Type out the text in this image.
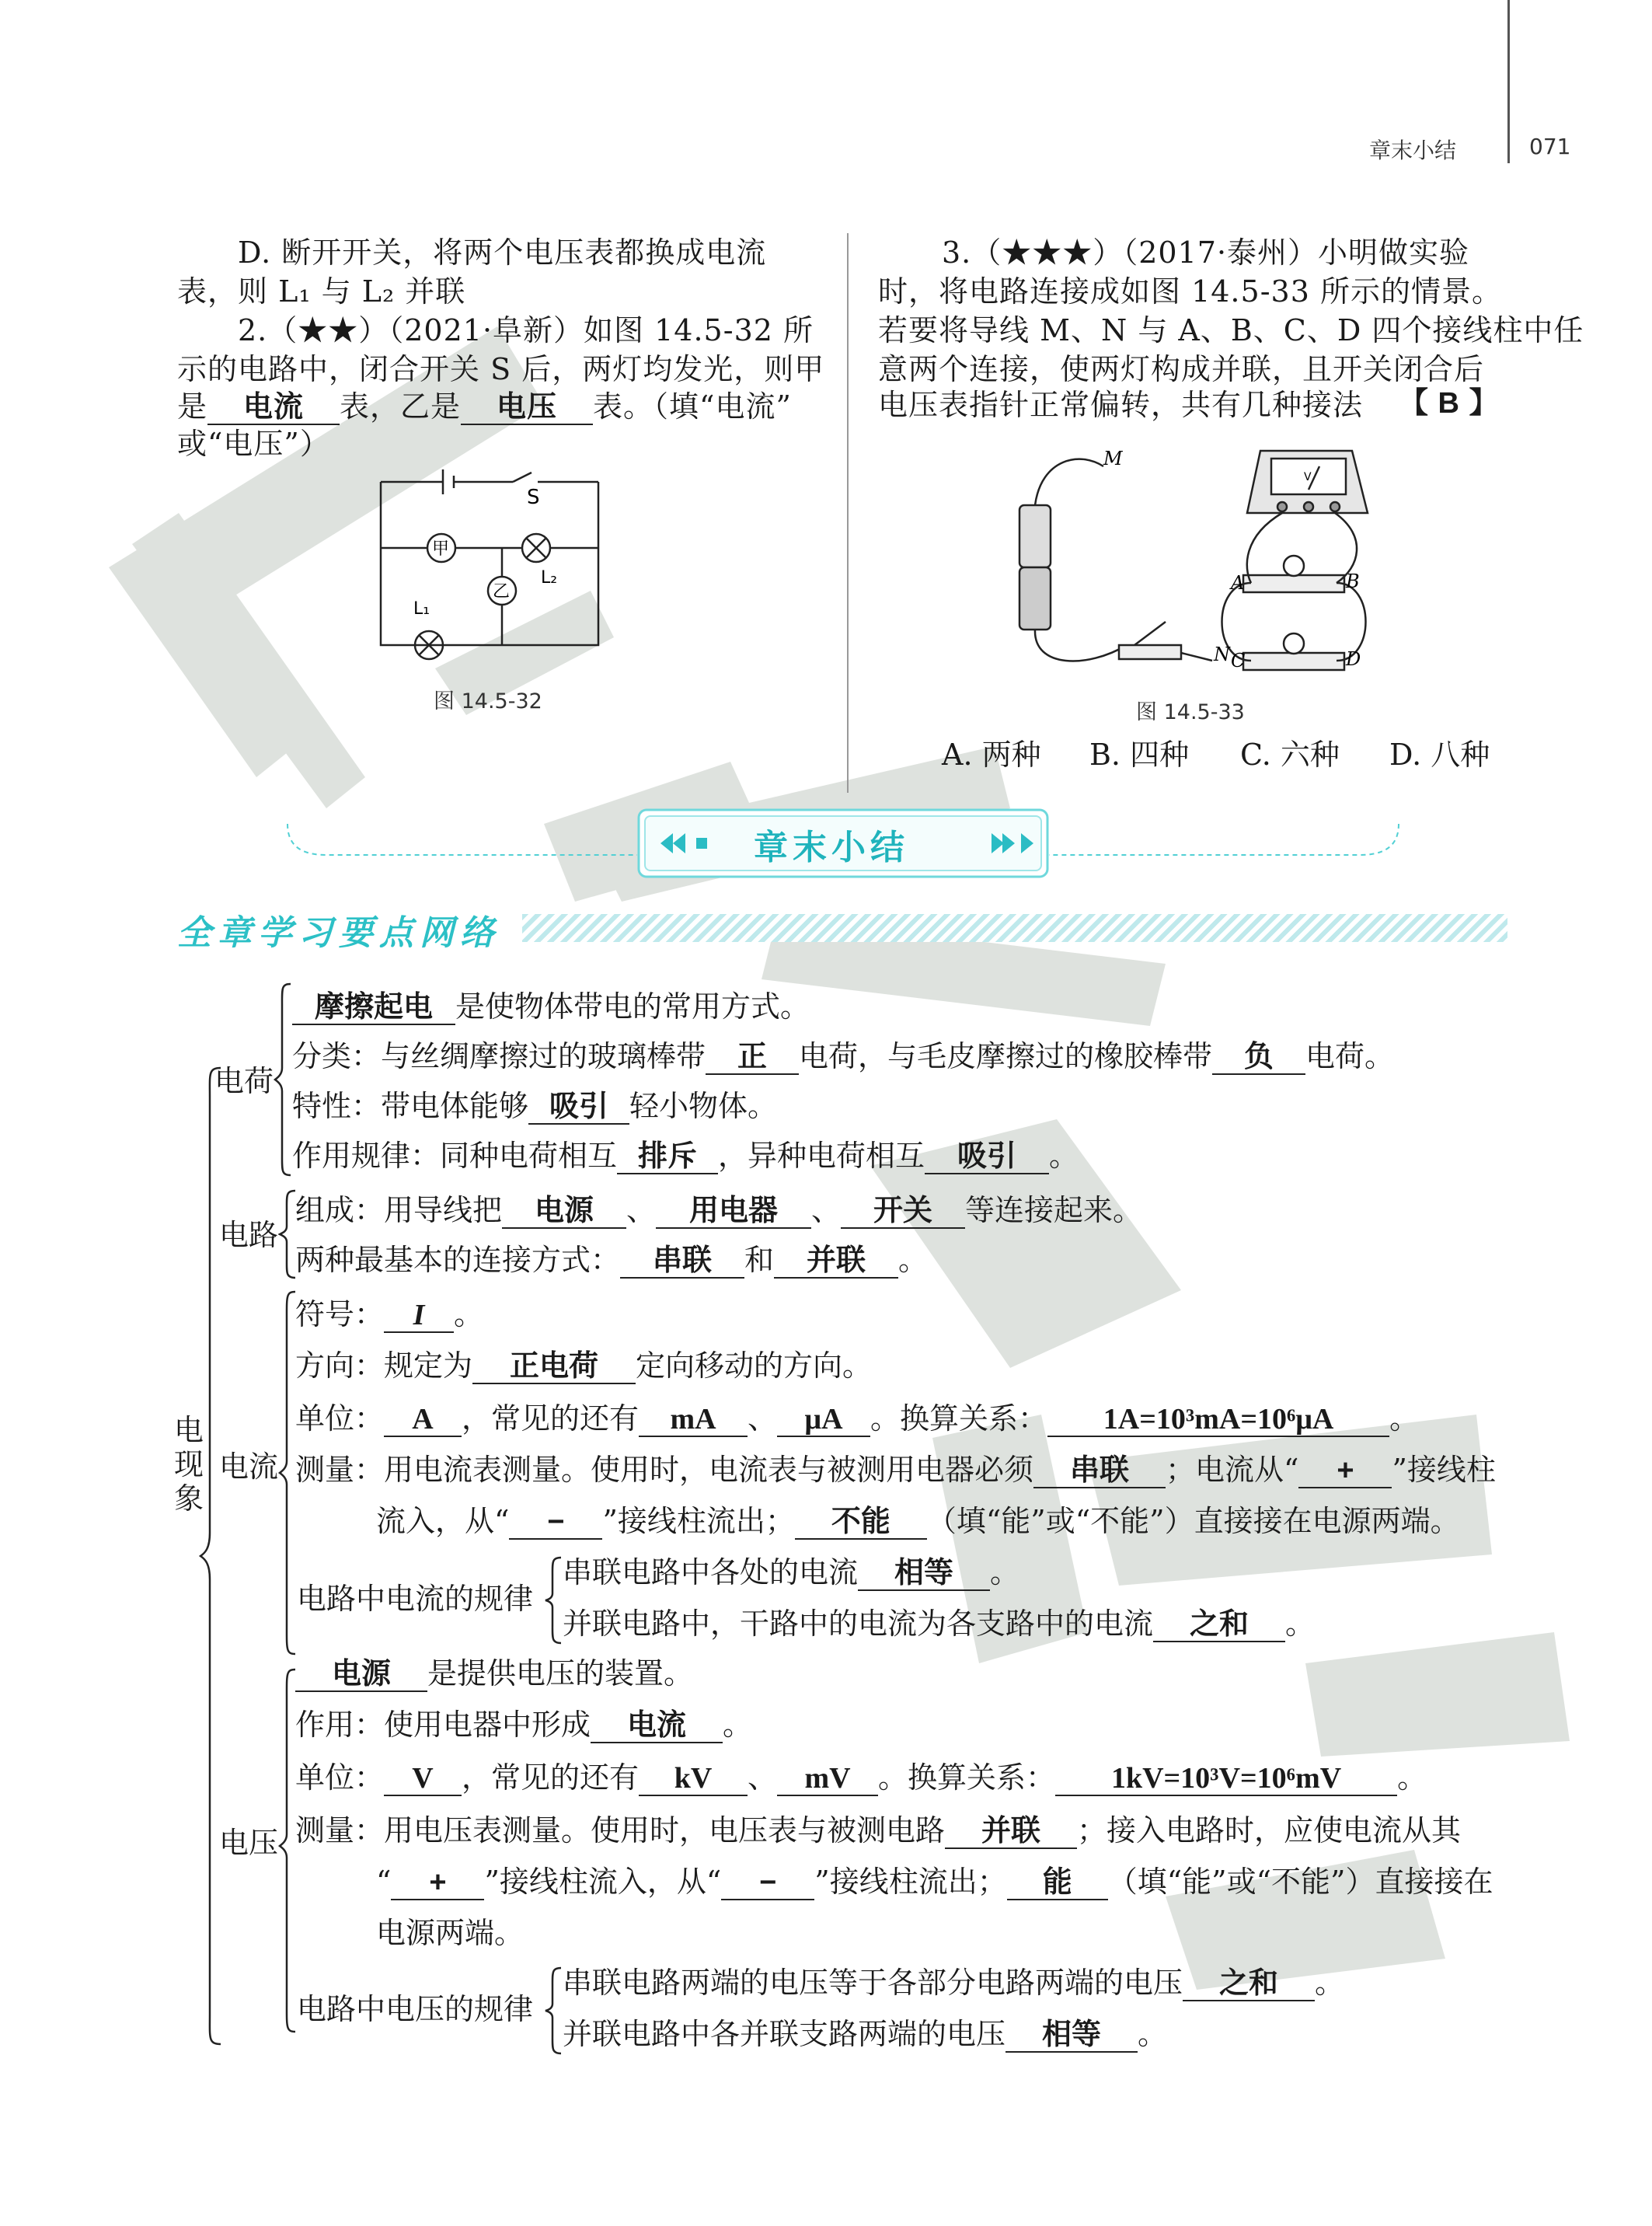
章末小结	071
D. 断开开关，将两个电压表都换成电流
表，则 L₁ 与 L₂ 并联
2.（★★）（2021·阜新）如图 14.5-32 所
示的电路中，闭合开关 S 后，两灯均发光，则甲
是 电流 表，乙是 电压 表。（填“电流”
或“电压”）
S
甲
乙
L₁
L₂
图 14.5-32
3.（★★★）（2017·泰州）小明做实验
时，将电路连接成如图 14.5-33 所示的情景。
若要将导线 M、N 与 A、B、C、D 四个接线柱中任
意两个连接，使两灯构成并联，且开关闭合后
电压表指针正常偏转，共有几种接法 【 B 】
M
N
V
A	B
C	D
图 14.5-33
A. 两种 B. 四种 C. 六种 D. 八种
章末小结
全章学习要点网络
电现象
电荷
摩擦起电 是使物体带电的常用方式。
分类：与丝绸摩擦过的玻璃棒带 正 电荷，与毛皮摩擦过的橡胶棒带 负 电荷。
特性：带电体能够 吸引 轻小物体。
作用规律：同种电荷相互 排斥 ，异种电荷相互 吸引 。
电路
组成：用导线把 电源 、 用电器 、 开关 等连接起来。
两种最基本的连接方式： 串联 和 并联 。
电流
符号： I 。
方向：规定为 正电荷 定向移动的方向。
单位： A ，常见的还有 mA 、 μA 。换算关系： 1A=10³mA=10⁶μA 。
测量：用电流表测量。使用时，电流表与被测用电器必须 串联 ；电流从“ + ”接线柱
流入，从“ − ”接线柱流出； 不能 （填“能”或“不能”）直接接在电源两端。
电路中电流的规律
串联电路中各处的电流 相等 。
并联电路中，干路中的电流为各支路中的电流 之和 。
电压
电源 是提供电压的装置。
作用：使用电器中形成 电流 。
单位： V ，常见的还有 kV 、 mV 。换算关系： 1kV=10³V=10⁶mV 。
测量：用电压表测量。使用时，电压表与被测电路 并联 ；接入电路时，应使电流从其
“ + ”接线柱流入，从“ − ”接线柱流出； 能 （填“能”或“不能”）直接接在
电源两端。
电路中电压的规律
串联电路两端的电压等于各部分电路两端的电压 之和 。
并联电路中各并联支路两端的电压 相等 。
